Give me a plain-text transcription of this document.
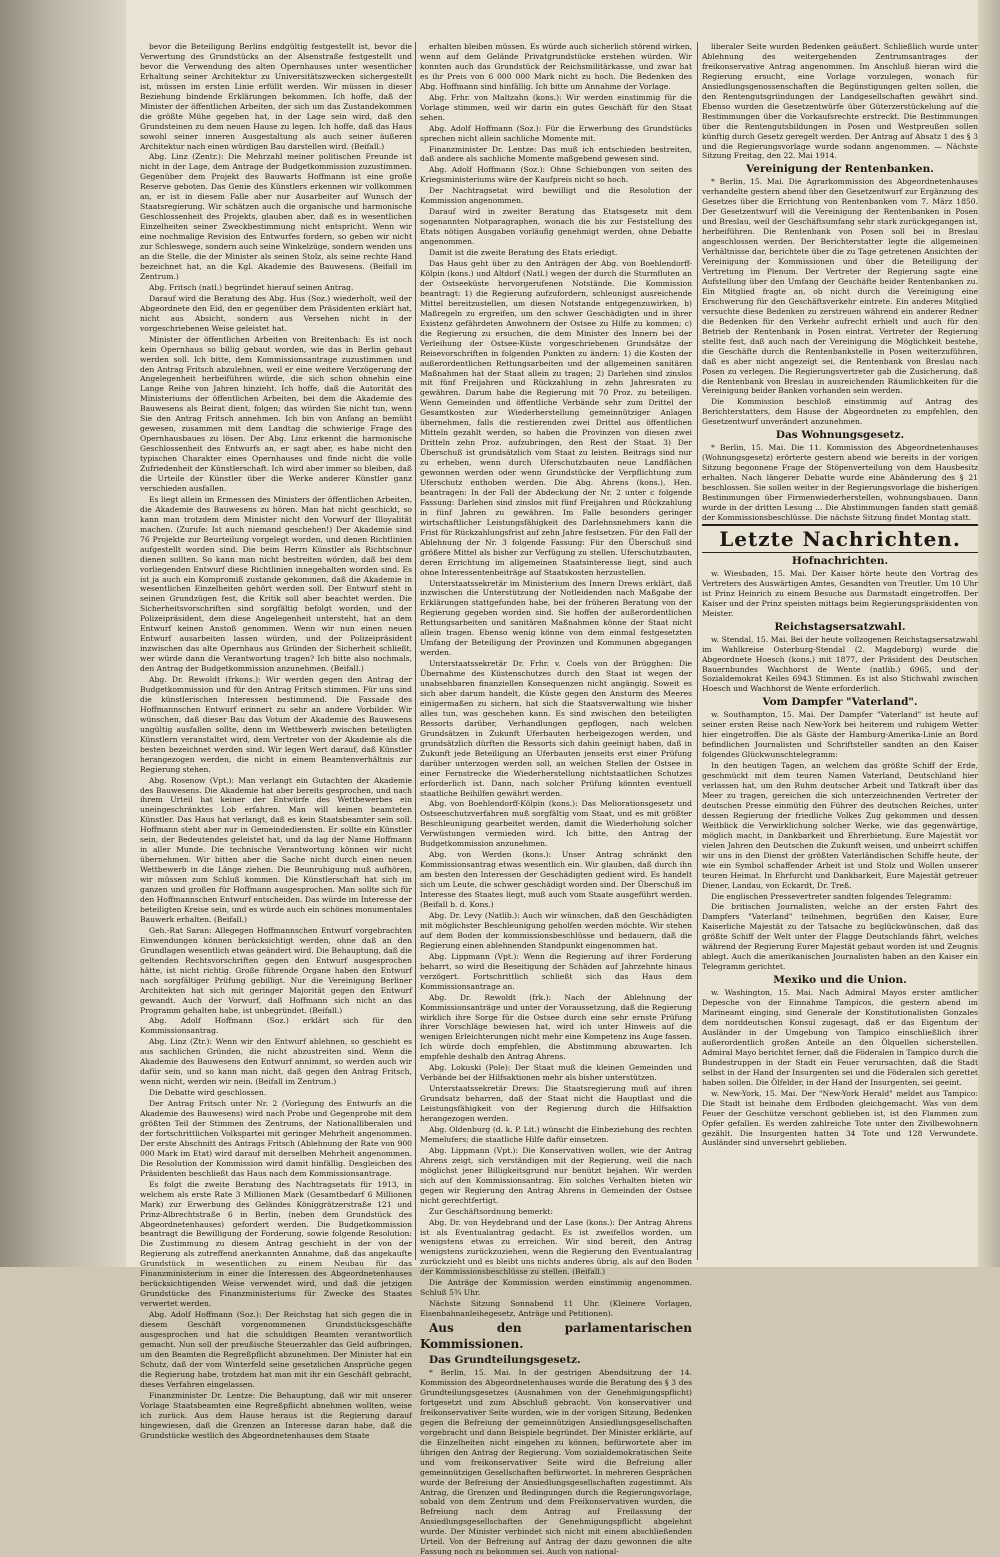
bevor die Beteiligung Berlins endgültig festgestellt ist, bevor die Verwertung des Grundstücks an der Alsenstraße festgestellt und bevor die Verwendung des alten Opernhauses unter wesentlicher Erhaltung seiner Architektur zu Universitätszwecken sichergestellt ist, müssen im ersten Linie erfüllt werden. Wir müssen in dieser Beziehung bindende Erklärungen bekommen. Ich hoffe, daß der Minister der öffentlichen Arbeiten, der sich um das Zustandekommen die größte Mühe gegeben hat, in der Lage sein wird, daß den Grundsteinen zu dem neuen Hause zu legen. Ich hoffe, daß das Haus sowohl seiner inneren Ausgestaltung als auch seiner äußeren Architektur nach einen würdigen Bau darstellen wird. (Beifall.)

Abg. Linz (Zentr.): Die Mehrzahl meiner politischen Freunde ist nicht in der Lage, dem Antrage der Budgetkommission zuzustimmen. Gegenüber dem Projekt des Bauwarts Hoffmann ist eine große Reserve geboten. Das Genie des Künstlers erkennen wir vollkommen an, er ist in diesem Falle aber nur Ausarbeiter auf Wunsch der Staatsregierung. Wir schätzen auch die organische und harmonische Geschlossenheit des Projekts, glauben aber, daß es in wesentlichen Einzelheiten seiner Zweckbestimmung nicht entspricht. Wenn wir eine nochmalige Revision des Entwurfes fordern, so geben wir nicht zur Schleswege, sondern auch seine Winkelzüge, sondern wenden uns an die Stelle, die der Minister als seinen Stolz, als seine rechte Hand bezeichnet hat, an die Kgl. Akademie des Bauwesens. (Beifall im Zentrum.)

Abg. Fritsch (natl.) begründet hierauf seinen Antrag.

Darauf wird die Beratung des Abg. Hus (Soz.) wiederholt, weil der Abgeordnete den Eid, den er gegenüber dem Präsidenten erklärt hat, nicht aus Absicht, sondern aus Versehen nicht in der vorgeschriebenen Weise geleistet hat.

Minister der öffentlichen Arbeiten von Breitenbach: Es ist noch kein Opernhaus so billig gebaut worden, wie das in Berlin gebaut werden soll. Ich bitte, dem Kommissionsantrage zuzustimmen und den Antrag Fritsch abzulehnen, weil er eine weitere Verzögerung der Angelegenheit herbeiführen würde, die sich schon ohnehin eine Lange Reihe von Jahren hinzieht. Ich hoffe, daß die Autorität des Ministeriums der öffentlichen Arbeiten, bei dem die Akademie des Bauwesens als Beirat dient, folgen; das würden Sie nicht tun, wenn Sie den Antrag Fritsch annehmen. Ich bin von Anfang an bemüht gewesen, zusammen mit dem Landtag die schwierige Frage des Opernhausbaues zu lösen. Der Abg. Linz erkennt die harmonische Geschlossenheit des Entwurfs an, er sagt aber, es habe nicht den typischen Charakter eines Opernhauses und finde nicht die volle Zufriedenheit der Künstlerschaft. Ich wird aber immer so bleiben, daß die Urteile der Künstler über die Werke anderer Künstler ganz verschieden ausfallen.

Es liegt allein im Ermessen des Ministers der öffentlichen Arbeiten, die Akademie des Bauwesens zu hören. Man hat nicht geschickt, so kann man trotzdem dem Minister nicht den Vorwurf der Illoyalität machen. (Zurufe: Ist auch niemand geschehen!) Der Akademie sind 76 Projekte zur Beurteilung vorgelegt worden, und denen Richtlinien aufgestellt worden sind. Die beim Herrn Künstler als Richtschnur dienen sollten. So kann man nicht bestreiten wörden, daß bei dem vorliegenden Entwurf diese Richtlinien innegehalten worden sind. Es ist ja auch ein Kompromiß zustande gekommen, daß die Akademie in wesentlichen Einzelheiten gehört werden soll. Der Entwurf steht in seinen Grundzügen fest, die Kritik soll aber beachtet werden. Die Sicherheitsvorschriften sind sorgfältig befolgt worden, und der Polizeipräsident, dem diese Angelegenheit untersteht, hat an dem Entwurf keinen Anstoß genommen. Wenn wir nun einen neuen Entwurf ausarbeiten lassen würden, und der Polizeipräsident inzwischen das alte Opernhaus aus Gründen der Sicherheit schließt, wer würde dann die Verantwortung tragen? Ich bitte also nochmals, den Antrag der Budgetkommission anzunehmen. (Beifall.)

Abg. Dr. Rewoldt (frkons.): Wir werden gegen den Antrag der Budgetkommission und für den Antrag Fritsch stimmen. Für uns sind die künstlerischen Interessen bestimmend. Die Fassade des Hoffmannschen Entwurf erinnert zu sehr an andere Vorbilder. Wir wünschen, daß dieser Bau das Votum der Akademie des Bauwesens ungültig ausfallen sollte, denn im Wettbewerb zwischen beteiligten Künstlern veranstaltet wird, dem Vertreter von der Akademie als die besten bezeichnet werden sind. Wir legen Wert darauf, daß Künstler herangezogen werden, die nicht in einem Beamtenverhältnis zur Regierung stehen.

Abg. Rosenow (Vpt.): Man verlangt ein Gutachten der Akademie des Bauwesens. Die Akademie hat aber bereits gesprochen, und nach ihrem Urteil hat keiner der Entwürfe des Wettbewerbes ein uneingeschränktes Lob erfahren. Man will keinen beamteten Künstler. Das Haus hat verlangt, daß es kein Staatsbeamter sein soll. Hoffmann steht aber nur in Gemeindediensten. Er sollte ein Künstler sein, der Bedeutendes geleistet hat, und da lag der Name Hoffmann in aller Munde. Die technische Verantwortung können wir nicht übernehmen. Wir bitten aber die Sache nicht durch einen neuen Wettbewerb in die Länge ziehen. Die Beunruhigung muß aufhören, wir müssen zum Schluß kommen. Die Künstlerschaft hat sich im ganzen und großen für Hoffmann ausgesprochen. Man sollte sich für den Hoffmannschen Entwurf entscheiden. Das würde im Interesse der beteiligten Kreise sein, und es würde auch ein schönes monumentales Bauwerk erhalten. (Beifall.)

Geh.-Rat Saran: Allegegen Hoffmannschen Entwurf vorgebrachten Einwendungen können berücksichtigt werden, ohne daß an den Grundlagen wesentlich etwas geändert wird. Die Behauptung, daß die geltenden Rechtsvorschriften gegen den Entwurf ausgesprochen hätte, ist nicht richtig. Große führende Organe haben den Entwurf nach sorgfältiger Prüfung gebilligt. Nur die Vereinigung Berliner Architekten hat sich mit geringer Majorität gegen den Entwurf gewandt. Auch der Vorwurf, daß Hoffmann sich nicht an das Programm gehalten habe, ist unbegründet. (Beifall.)

Abg. Adolf Hoffmann (Soz.) erklärt sich für den Kommissionsantrag.

Abg. Linz (Ztr.): Wenn wir den Entwurf ablehnen, so geschieht es aus sachlichen Gründen, die nicht abzustreiten sind. Wenn die Akademie des Bauwesens den Entwurf annimmt, so werden auch wir dafür sein, und so kann man nicht, daß gegen den Antrag Fritsch, wenn nicht, werden wir nein. (Beifall im Zentrum.)

Die Debatte wird geschlossen.

Der Antrag Fritsch unter Nr. 2 (Vorlegung des Entwurfs an die Akademie des Bauwesens) wird nach Probe und Gegenprobe mit dem größten Teil der Stimmen des Zentrums, der Nationalliberalen und der fortschrittlichen Volkspartei mit geringer Mehrheit angenommen. Der erste Abschnitt des Antrags Fritsch (Ablehnung der Rate von 900 000 Mark im Etat) wird darauf mit derselben Mehrheit angenommen. Die Resolution der Kommission wird damit hinfällig. Desgleichen des Präsidenten beschließt das Haus nach dem Kommissionsantrage.

Es folgt die zweite Beratung des Nachtragsetats für 1913, in welchem als erste Rate 3 Millionen Mark (Gesamtbedarf 6 Millionen Mark) zur Erwerbung des Geländes Königgrätzerstraße 121 und Prinz-Albrechtstraße 6 in Berlin, (neben dem Grundstück des Abgeordnetenhauses) gefordert werden. Die Budgetkommission beantragt die Bewilligung der Forderung, sowie folgende Resolution: Die Zustimmung zu diesem Antrag geschieht in der von der Regierung als zutreffend anerkannten Annahme, daß das angekaufte Grundstück in wesentlichen zu einem Neubau für das Finanzministerium in einer die Interessen des Abgeordnetenhauses berücksichtigenden Weise verwendet wird, und daß die jetzigen Grundstücke des Finanzministeriums für Zwecke des Staates verwertet werden.

Abg. Adolf Hoffmann (Soz.): Der Reichstag hat sich gegen die in diesem Geschäft vorgenommenen Grundstücksgeschäfte ausgesprochen und hat die schuldigen Beamten verantwortlich gemacht. Nun soll der preußische Steuerzahler das Geld aufbringen, um den Beamten die Regreßpflicht abzunehmen. Der Minister hat ein Schutz, daß der vom Winterfeld seine gesetzlichen Ansprüche gegen die Regierung habe, trotzdem hat man mit ihr ein Geschäft gebracht, dieses Verfahren eingelassen.

Finanzminister Dr. Lentze: Die Behauptung, daß wir mit unserer Vorlage Staatsbeamten eine Regreßpflicht abnehmen wollten, weise ich zurück. Aus dem Hause heraus ist die Regierung darauf hingewiesen, daß die Grenzen an Interesse daran habe, daß die Grundstücke westlich des Abgeordnetenhauses dem Staate

erhalten bleiben müssen. Es würde auch sicherlich störend wirken, wenn auf dem Gelände Privatgrundstücke erstehen würden. Wir konnten auch das Grundstück der Reichsmilitärkasse, und zwar hat es ihr Preis von 6 000 000 Mark nicht zu hoch. Die Bedenken des Abg. Hoffmann sind hinfällig. Ich bitte um Annahme der Vorlage.

Abg. Frhr. von Maltzahn (kons.): Wir werden einstimmig für die Vorlage stimmen, weil wir darin ein gutes Geschäft für den Staat sehen.

Abg. Adolf Hoffmann (Soz.): Für die Erwerbung des Grundstücks sprechen nicht allein sachliche Momente mit.

Finanzminister Dr. Lentze: Das muß ich entschieden bestreiten, daß andere als sachliche Momente maßgebend gewesen sind.

Abg. Adolf Hoffmann (Soz.): Ohne Schiebungen von seiten des Kriegsministeriums wäre der Kaufpreis nicht so hoch.

Der Nachtragsetat wird bewilligt und die Resolution der Kommission angenommen.

Darauf wird in zweiter Beratung das Etatsgesetz mit dem sogenannten Notparagraphen, wonach die bis zur Feststellung des Etats nötigen Ausgaben vorläufig genehmigt werden, ohne Debatte angenommen.

Damit ist die zweite Beratung des Etats erledigt.

Das Haus geht über zu den Anträgen der Abg. von Boehlendorff-Kölpin (kons.) und Altdorf (Natl.) wegen der durch die Sturmfluten an der Ostseeküste hervorgerufenen Notstände. Die Kommission beantragt: 1) die Regierung aufzufordern, schleunigst ausreichende Mittel bereitzustellen, um diesen Notstande entgegenzuwirken, b) Maßregeln zu ergreifen, um den schwer Geschädigten und in ihrer Existenz gefährdeten Anwohnern der Ostsee zu Hilfe zu kommen; c) die Regierung zu ersuchen, die dem Minister des Innern bei der Verleihung der Ostsee-Küste vorgeschriebenen Grundsätze der Reisevorschriften in folgenden Punkten zu ändern: 1) die Kosten der außerordentlichen Rettungsarbeiten und der allgemeinen sanitären Maßnahmen hat der Staat allein zu tragen; 2) Darlehen sind zinslos mit fünf Freijahren und Rückzahlung in zehn Jahresraten zu gewähren. Darum habe die Regierung mit 70 Proz. zu beteiligen. Wenn Gemeinden und öffentliche Verbände sehr zum Drittel der Gesamtkosten zur Wiederherstellung gemeinnütziger Anlagen übernehmen, falls die restierenden zwei Drittel aus öffentlichen Mitteln gezahlt werden, so haben die Provinzen von diesen zwei Dritteln zehn Proz. aufzubringen, den Rest der Staat. 3) Der Überschuß ist grundsätzlich vom Staat zu leisten. Beitrags sind nur zu erheben, wenn durch Uferschutzbauten neue Landflächen gewonnen werden oder wenn Grundstücke der Verpflichtung zum Uferschutz enthoben werden. Die Abg. Ahrens (kons.), Hen. beantragen: In der Fall der Abdeckung der Nr. 2 unter c folgende Fassung: Darlehen sind zinslos mit fünf Freijahren und Rückzahlung in fünf Jahren zu gewähren. Im Falle besonders geringer wirtschaftlicher Leistungsfähigkeit des Darlehnsnehmers kann die Frist für Rückzahlungsfrist auf zehn Jahre festsetzen. Für den Fall der Ablehnung der Nr. 3 folgende Fassung: Für den Überschuß sind größere Mittel als bisher zur Verfügung zu stellen. Uferschutzbauten, deren Errichtung im allgemeinen Staatsinteresse liegt, sind auch ohne Interessentenbeiträge auf Staatskosten herzustellen.

Unterstaatssekretär im Ministerium des Innern Drews erklärt, daß inzwischen die Unterstützung der Notleidenden nach Maßgabe der Erklärungen stattgefunden habe, bei der früheren Beratung von der Regierung gegeben worden sind. Sie hoffen der außerordentlichen Rettungsarbeiten und sanitären Maßnahmen könne der Staat nicht allein tragen. Ebenso wenig könne von dem einmal festgesetzten Umfang der Beteiligung der Provinzen und Kommunen abgegangen werden.

Unterstaatssekretär Dr. Frhr. v. Coels von der Brügghen: Die Übernahme des Küstenschutzes durch den Staat ist wegen der unabsehbaren finanziellen Konsequenzen nicht angängig. Soweit es sich aber darum handelt, die Küste gegen den Ansturm des Meeres einigermaßen zu sichern, hat sich die Staatsverwaltung wie bisher alles tun, was geschehen kann. Es sind zwischen den beteiligten Ressorts darüber, Verhandlungen gepflogen, nach welchen Grundsätzen in Zukunft Uferbauten herbeigezogen werden, und grundsätzlich dürften die Ressorts sich dahin geeinigt haben, daß in Zukunft jede Beteiligung an Uferbauten jenseits erst einer Prüfung darüber unterzogen werden soll, an welchen Stellen der Ostsee in einer Fernstrecke die Wiederherstellung nichtstaatlichen Schutzes erforderlich ist. Dann, nach solcher Prüfung könnten eventuell staatliche Beihilfen gewährt werden.

Abg. von Boehlendorff-Kölpin (kons.): Das Meliorationsgesetz und Ostseeschutzverfahren muß sorgfältig vom Staat, und es mit größter Beschleunigung gearbeitet werden, damit die Wiederholung solcher Verwüstungen vermieden wird. Ich bitte, den Antrag der Budgetkommission anzunehmen.

Abg. von Werden (kons.): Unser Antrag schränkt den Kommissionsantrag etwas wesentlich ein. Wir glauben, daß durch ihn am besten den Interessen der Geschädigten gedient wird. Es handelt sich um Leute, die schwer geschädigt worden sind. Der Überschuß im Interesse des Staates liegt, muß auch vom Staate ausgeführt werden. (Beifall b. d. Kons.)

Abg. Dr. Levy (Natlib.): Auch wir wünschen, daß den Geschädigten mit möglichster Beschleunigung geholfen werden möchte. Wir stehen auf dem Boden der kommissionsbeschlüsse und bedauern, daß die Regierung einen ablehnenden Standpunkt eingenommen hat.

Abg. Lippmann (Vpt.): Wenn die Regierung auf ihrer Forderung beharrt, so wird die Beseitigung der Schäden auf Jahrzehnte hinaus verzögert. Fortschrittlich schließt sich das Haus dem Kommissionsantrage an.

Abg. Dr. Rewoldt (frk.): Nach der Ablehnung der Kommissionsanträge und unter der Voraussetzung, daß die Regierung wirklich ihre Sorge für die Ostsee durch eine sehr ernste Prüfung ihrer Vorschläge bewiesen hat, wird ich unter Hinweis auf die wenigen Erleichterungen nicht mehr eine Kompetenz ins Auge fassen. Ich würde doch empfehlen, die Abstimmung abzuwarten. Ich empfehle deshalb den Antrag Ahrens.

Abg. Lokuski (Pole): Der Staat muß die kleinen Gemeinden und Verbände bei der Hilfsaktionen mehr als bisher unterstützen.

Unterstaatssekretär Drews: Die Staatsregierung muß auf ihren Grundsatz beharren, daß der Staat nicht die Hauptlast und die Leistungsfähigkeit von der Regierung durch die Hilfsaktion herangezogen werden.

Abg. Oldenburg (d. k. P. Lit.) wünscht die Einbeziehung des rechten Memelufers; die staatliche Hilfe dafür einsetzen.

Abg. Lippmann (Vpt.): Die Konservativen wollen, wie der Antrag Ahrens zeigt, sich verständigen mit der Regierung, weil die nach möglichst jener Billigkeitsgrund nur benützt bejahen. Wir werden sich auf den Kommissionsantrag. Ein solches Verhalten bieten wir gegen wir Regierung den Antrag Ahrens in Gemeinden der Ostsee nicht gerechtfertigt.

Zur Geschäftsordnung bemerkt:

Abg. Dr. von Heydebrand und der Lase (kons.): Der Antrag Ahrens ist als Eventualantrag gedacht. Es ist zweifellos worden, um wenigstens etwas zu erreichen. Wir sind bereit, den Antrag wenigstens zurückzuziehen, wenn die Regierung den Eventualantrag zurückzieht und es bleibt uns nichts anderes übrig, als auf den Boden der Kommissionsbeschlüsse zu stellen. (Beifall.)

Die Anträge der Kommission werden einstimmig angenommen. Schluß 5¾ Uhr.

Nächste Sitzung Sonnabend 11 Uhr. (Kleinere Vorlagen, Eisenbahnanleihegesetz, Anträge und Petitionen).

Aus den parlamentarischen Kommissionen.

Das Grundteilungsgesetz.

* Berlin, 15. Mai. In der gestrigen Abendsitzung der 14. Kommission des Abgeordnetenhauses wurde die Beratung des § 3 des Grundteilungsgesetzes (Ausnahmen von der Genehmigungspflicht) fortgesetzt und zum Abschluß gebracht. Von konservativer und freikonservativer Seite wurden, wie in der vorigen Sitzung, Bedenken gegen die Befreiung der gemeinnützigen Ansiedlungsgesellschaften vorgebracht und dann Beispiele begründet. Der Minister erklärte, auf die Einzelheiten nicht eingehen zu können, befürwortete aber im übrigen den Antrag der Regierung. Vom sozialdemokratischen Seite und vom freikonservativer Seite wird die Befreiung aller gemeinnützigen Gesellschaften befürwortet. In mehreren Gesprächen wurde der Befreiung der Ansiedlungsgesellschaften zugestimmt. Als Antrag, die Grenzen und Bedingungen durch die Regierungsvorlage, sobald von dem Zentrum und dem Freikonservativen wurden, die Befreiung nach dem Antrag auf Freilassung der Ansiedlungsgesellschaften der Genehmigungspflicht abgelehnt wurde. Der Minister verbindet sich nicht mit einem abschließenden Urteil. Von der Befreiung auf Antrag der dazu gewonnen die alte Fassung noch zu bekommen sei. Auch von national-

liberaler Seite wurden Bedenken geäußert. Schließlich wurde unter Ablehnung des weitergehenden Zentrumsantrages der freikonservative Antrag angenommen. Im Anschluß hieran wird die Regierung ersucht, eine Vorlage vorzulegen, wonach für Ansiedlungsgenossenschaften die Begünstigungen gelten sollen, die den Rentengutsgründungen der Landgesellschaften gewährt sind. Ebenso wurden die Gesetzentwürfe über Güterzerstückelung auf die Bestimmungen über die Vorkaufsrechte erstreckt. Die Bestimmungen über die Rentengutsbildungen in Posen und Westpreußen sollen künftig durch Gesetz geregelt werden. Der Antrag auf Absatz 1 des § 3 und die Regierungsvorlage wurde sodann angenommen. — Nächste Sitzung Freitag, den 22. Mai 1914.

Vereinigung der Rentenbanken.

* Berlin, 15. Mai. Die Agrarkommission des Abgeordnetenhauses verhandelte gestern abend über den Gesetzentwurf zur Ergänzung des Gesetzes über die Errichtung von Rentenbanken vom 7. März 1850. Der Gesetzentwurf will die Vereinigung der Rentenbanken in Posen und Breslau, weil der Geschäftsumfang sehr stark zurückgegangen ist, herbeiführen. Die Rentenbank von Posen soll bei in Breslau angeschlossen werden. Der Berichterstatter legte die allgemeinen Verhältnisse dar, berichtete über die zu Tage getretenen Ansichten der Vereinigung der Kommissionen und über die Beteiligung der Vertretung im Plenum. Der Vertreter der Regierung sagte eine Aufstellung über den Umfang der Geschäfte beider Rentenbanken zu. Ein Mitglied fragte an, ob nicht durch die Vereinigung eine Erschwerung für den Geschäftsverkehr eintrete. Ein anderes Mitglied versuchte diese Bedenken zu zerstreuen während ein anderer Redner die Bedenken für den Verkehr aufrecht erhielt und auch für den Betrieb der Rentenbank in Posen eintrat. Vertreter der Regierung stellte fest, daß auch nach der Vereinigung die Möglichkeit bestehe, die Geschäfte durch die Rentenbankstelle in Posen weiterzuführen, daß es aber nicht angezeigt sei, die Rentenbank von Breslau nach Posen zu verlegen. Die Regierungsvertreter gab die Zusicherung, daß die Rentenbank von Breslau in ausreichenden Räumlichkeiten für die Vereinigung beider Banken vorhanden sein werden.

Die Kommission beschloß einstimmig auf Antrag des Berichterstatters, dem Hause der Abgeordneten zu empfehlen, den Gesetzentwurf unverändert anzunehmen.

Das Wohnungsgesetz.

* Berlin, 15. Mai. Die 11. Kommission des Abgeordnetenhauses (Wohnungsgesetz) erörterte gestern abend wie bereits in der vorigen Sitzung begonnene Frage der Stöpenverteilung von dem Hausbesitz erhalten. Nach längerer Debatte wurde eine Abänderung des § 21 beschlossen. Sie sollen weiter in der Regierungsvorlage die bisherigen Bestimmungen über Firmenwiederherstellen, wohnungsbauen. Dann wurde in der dritten Lesung ... Die Abstimmungen fanden statt gemäß der Kommissionsbeschlüsse. Die nächste Sitzung findet Montag statt.

Letzte Nachrichten.

Hofnachrichten.

w. Wiesbaden, 15. Mai. Der Kaiser hörte heute den Vortrag des Vertreters des Auswärtigen Amtes, Gesandten von Treutler. Um 10 Uhr ist Prinz Heinrich zu einem Besuche aus Darmstadt eingetroffen. Der Kaiser und der Prinz speisten mittags beim Regierungspräsidenten von Meister.

Reichstagsersatzwahl.

w. Stendal, 15. Mai. Bei der heute vollzogenen Reichstagsersatzwahl im Wahlkreise Osterburg-Stendal (2. Magdeburg) wurde die Abgeordnete Hoesch (kons.) mit 1877, der Präsident des Deutschen Bauernbundes Wachhorst de Wente (natlib.) 6965, und der Sozialdemokrat Keiles 6943 Stimmen. Es ist also Stichwahl zwischen Hoesch und Wachhorst de Wente erforderlich.

Vom Dampfer "Vaterland".

w. Southampton, 15. Mai. Der Dampfer "Vaterland" ist heute auf seiner ersten Reise nach New-York bei heiterem und ruhigem Wetter hier eingetroffen. Die als Gäste der Hamburg-Amerika-Linie an Bord befindlichen Journalisten und Schriftsteller sandten an den Kaiser folgendes Glückwunschtelegramm:

In den heutigen Tagen, an welchem das größte Schiff der Erde, geschmückt mit dem teuren Namen Vaterland, Deutschland hier verlassen hat, um den Ruhm deutscher Arbeit und Tatkraft über das Meer zu tragen, gereichen die sich unterzeichnenden Vertreter der deutschen Presse einmütig den Führer des deutschen Reiches, unter dessen Regierung der friedliche Volkes Zug gekommen und dessen Weitblick die Verwirklichung solcher Werke, wie das gegenwärtige, möglich macht, in Dankbarkeit und Ehrerbietung. Eure Majestät vor vielen Jahren den Deutschen die Zukunft weisen, und unbeirrt schiffen wir uns in den Dienst der größten Vaterländischen Schiffe heute, der wie ein Symbol schaffender Arbeit ist und Stolz und Wollen unserer teuren Heimat. In Ehrfurcht und Dankbarkeit, Eure Majestät getreuer Diener, Landau, von Eckardt, Dr. Treß.

Die englischen Pressevertreter sandten folgendes Telegramm:

Die britischen Journalisten, welche an der ersten Fahrt des Dampfers "Vaterland" teilnehmen, begrüßen den Kaiser, Eure Kaiserliche Majestät zu der Tatsache zu beglückwünschen, daß das größte Schiff der Welt unter der Flagge Deutschlands fährt, welches während der Regierung Eurer Majestät gebaut worden ist und Zeugnis ablegt. Auch die amerikanischen Journalisten haben an den Kaiser ein Telegramm gerichtet.

Mexiko und die Union.

w. Washington, 15. Mai. Nach Admiral Mayos erster amtlicher Depesche von der Einnahme Tampicos, die gestern abend im Marineamt einging, sind Generale der Konstitutionalisten Gonzales dem norddeutschen Konsul zugesagt, daß er das Eigentum der Ausländer in der Umgebung von Tampico einschließlich ihrer außerordentlich großen Anteile an den Ölquellen sicherstellen. Admiral Mayo berichtet ferner, daß die Föderalen in Tampico durch die Bundestruppen in der Stadt ein Feuer verursachten, daß die Stadt selbst in der Hand der Insurgenten sei und die Föderalen sich gerettet haben sollen. Die Ölfelder, in der Hand der Insurgenten, sei geeint.

w. New-York, 15. Mai. Der "New-York Herald" meldet aus Tampico: Die Stadt ist beinahe dem Erdboden gleichgemacht. Was von dem Feuer der Geschütze verschont geblieben ist, ist den Flammen zum Opfer gefallen. Es werden zahlreiche Tote unter den Zivilbewohnern gezählt. Die Insurgenten hatten 34 Tote und 128 Verwundete. Ausländer sind unversehrt geblieben.
